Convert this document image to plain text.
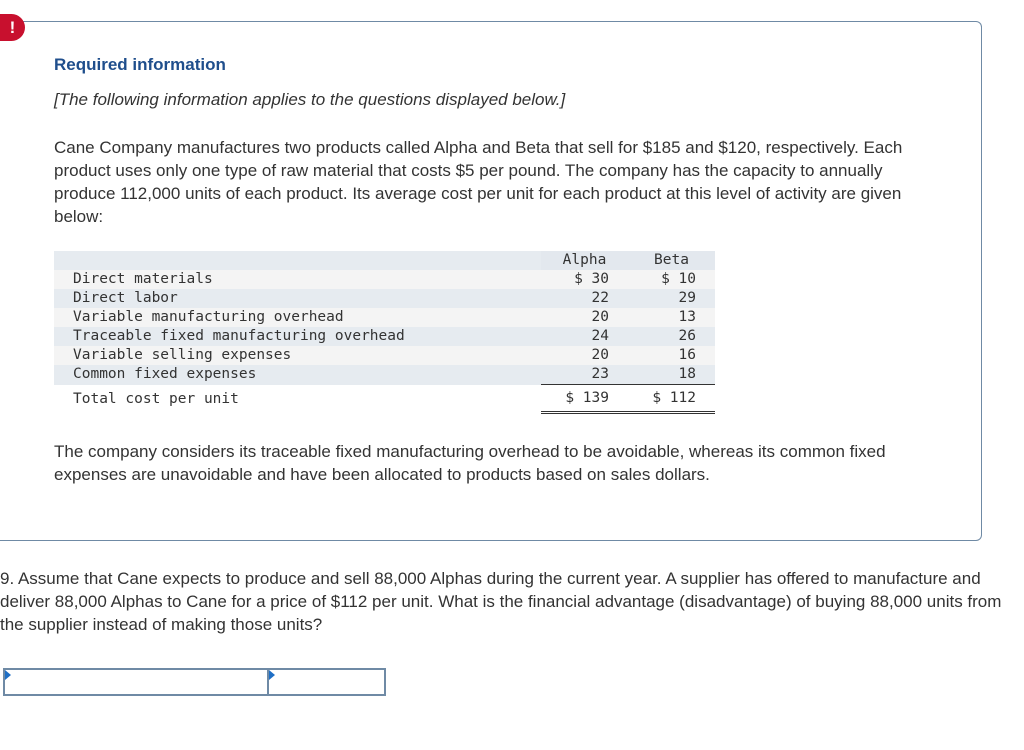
!
Required information

[The following information applies to the questions displayed below.]

Cane Company manufactures two products called Alpha and Beta that sell for $185 and $120, respectively. Each product uses only one type of raw material that costs $5 per pound. The company has the capacity to annually produce 112,000 units of each product. Its average cost per unit for each product at this level of activity are given below:

	Alpha	Beta
Direct materials	$ 30	$ 10
Direct labor	22	29
Variable manufacturing overhead	20	13
Traceable fixed manufacturing overhead	24	26
Variable selling expenses	20	16
Common fixed expenses	23	18
Total cost per unit	$ 139	$ 112

The company considers its traceable fixed manufacturing overhead to be avoidable, whereas its common fixed expenses are unavoidable and have been allocated to products based on sales dollars.

9. Assume that Cane expects to produce and sell 88,000 Alphas during the current year. A supplier has offered to manufacture and deliver 88,000 Alphas to Cane for a price of $112 per unit. What is the financial advantage (disadvantage) of buying 88,000 units from the supplier instead of making those units?
